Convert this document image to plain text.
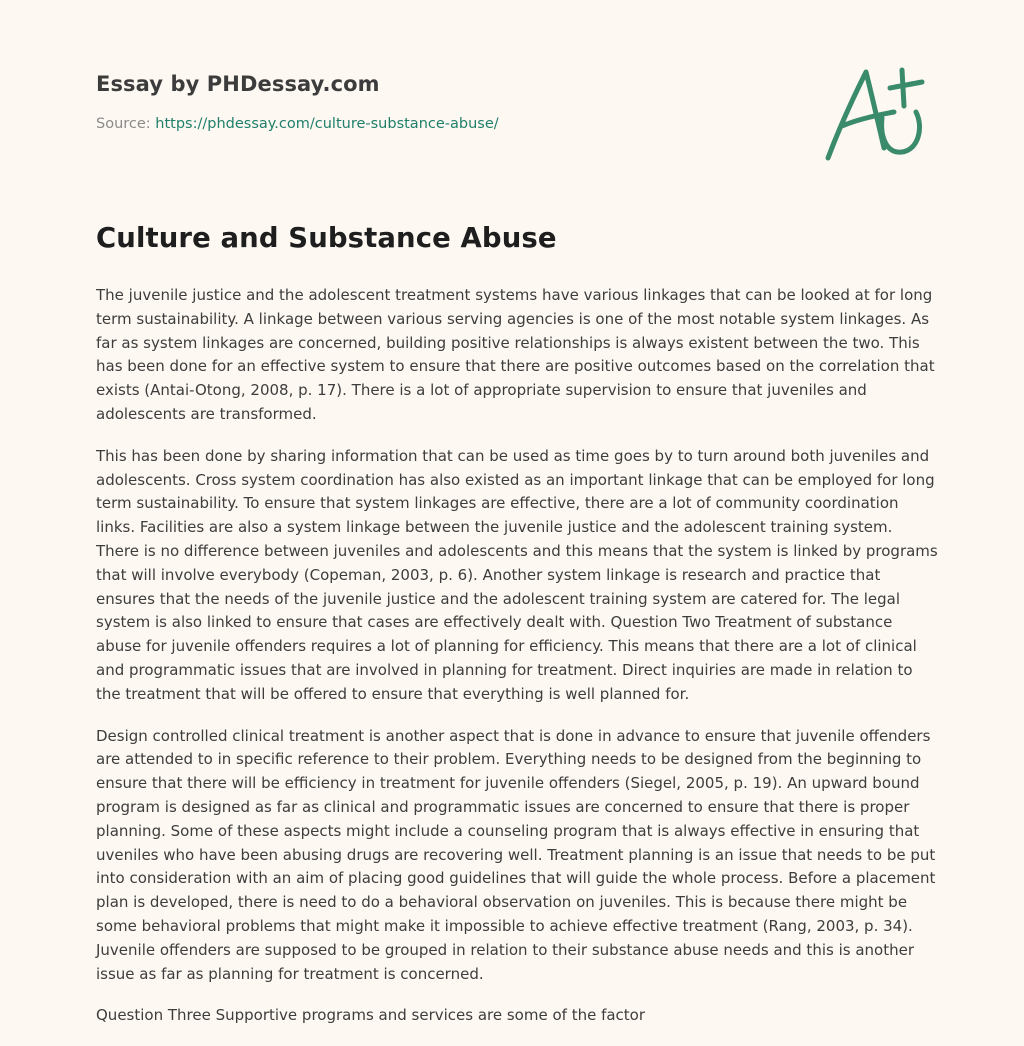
Essay by PHDessay.com
Source: https://phdessay.com/culture-substance-abuse/
Culture and Substance Abuse

The juvenile justice and the adolescent treatment systems have various linkages that can be looked at for long term sustainability. A linkage between various serving agencies is one of the most notable system linkages. As far as system linkages are concerned, building positive relationships is always existent between the two. This has been done for an effective system to ensure that there are positive outcomes based on the correlation that exists (Antai-Otong, 2008, p. 17). There is a lot of appropriate supervision to ensure that juveniles and adolescents are transformed.

This has been done by sharing information that can be used as time goes by to turn around both juveniles and adolescents. Cross system coordination has also existed as an important linkage that can be employed for long term sustainability. To ensure that system linkages are effective, there are a lot of community coordination links. Facilities are also a system linkage between the juvenile justice and the adolescent training system. There is no difference between juveniles and adolescents and this means that the system is linked by programs that will involve everybody (Copeman, 2003, p. 6). Another system linkage is research and practice that ensures that the needs of the juvenile justice and the adolescent training system are catered for. The legal system is also linked to ensure that cases are effectively dealt with. Question Two Treatment of substance abuse for juvenile offenders requires a lot of planning for efficiency. This means that there are a lot of clinical and programmatic issues that are involved in planning for treatment. Direct inquiries are made in relation to the treatment that will be offered to ensure that everything is well planned for.

Design controlled clinical treatment is another aspect that is done in advance to ensure that juvenile offenders are attended to in specific reference to their problem. Everything needs to be designed from the beginning to ensure that there will be efficiency in treatment for juvenile offenders (Siegel, 2005, p. 19). An upward bound program is designed as far as clinical and programmatic issues are concerned to ensure that there is proper planning. Some of these aspects might include a counseling program that is always effective in ensuring that uveniles who have been abusing drugs are recovering well. Treatment planning is an issue that needs to be put into consideration with an aim of placing good guidelines that will guide the whole process. Before a placement plan is developed, there is need to do a behavioral observation on juveniles. This is because there might be some behavioral problems that might make it impossible to achieve effective treatment (Rang, 2003, p. 34). Juvenile offenders are supposed to be grouped in relation to their substance abuse needs and this is another issue as far as planning for treatment is concerned.

Question Three Supportive programs and services are some of the factor
